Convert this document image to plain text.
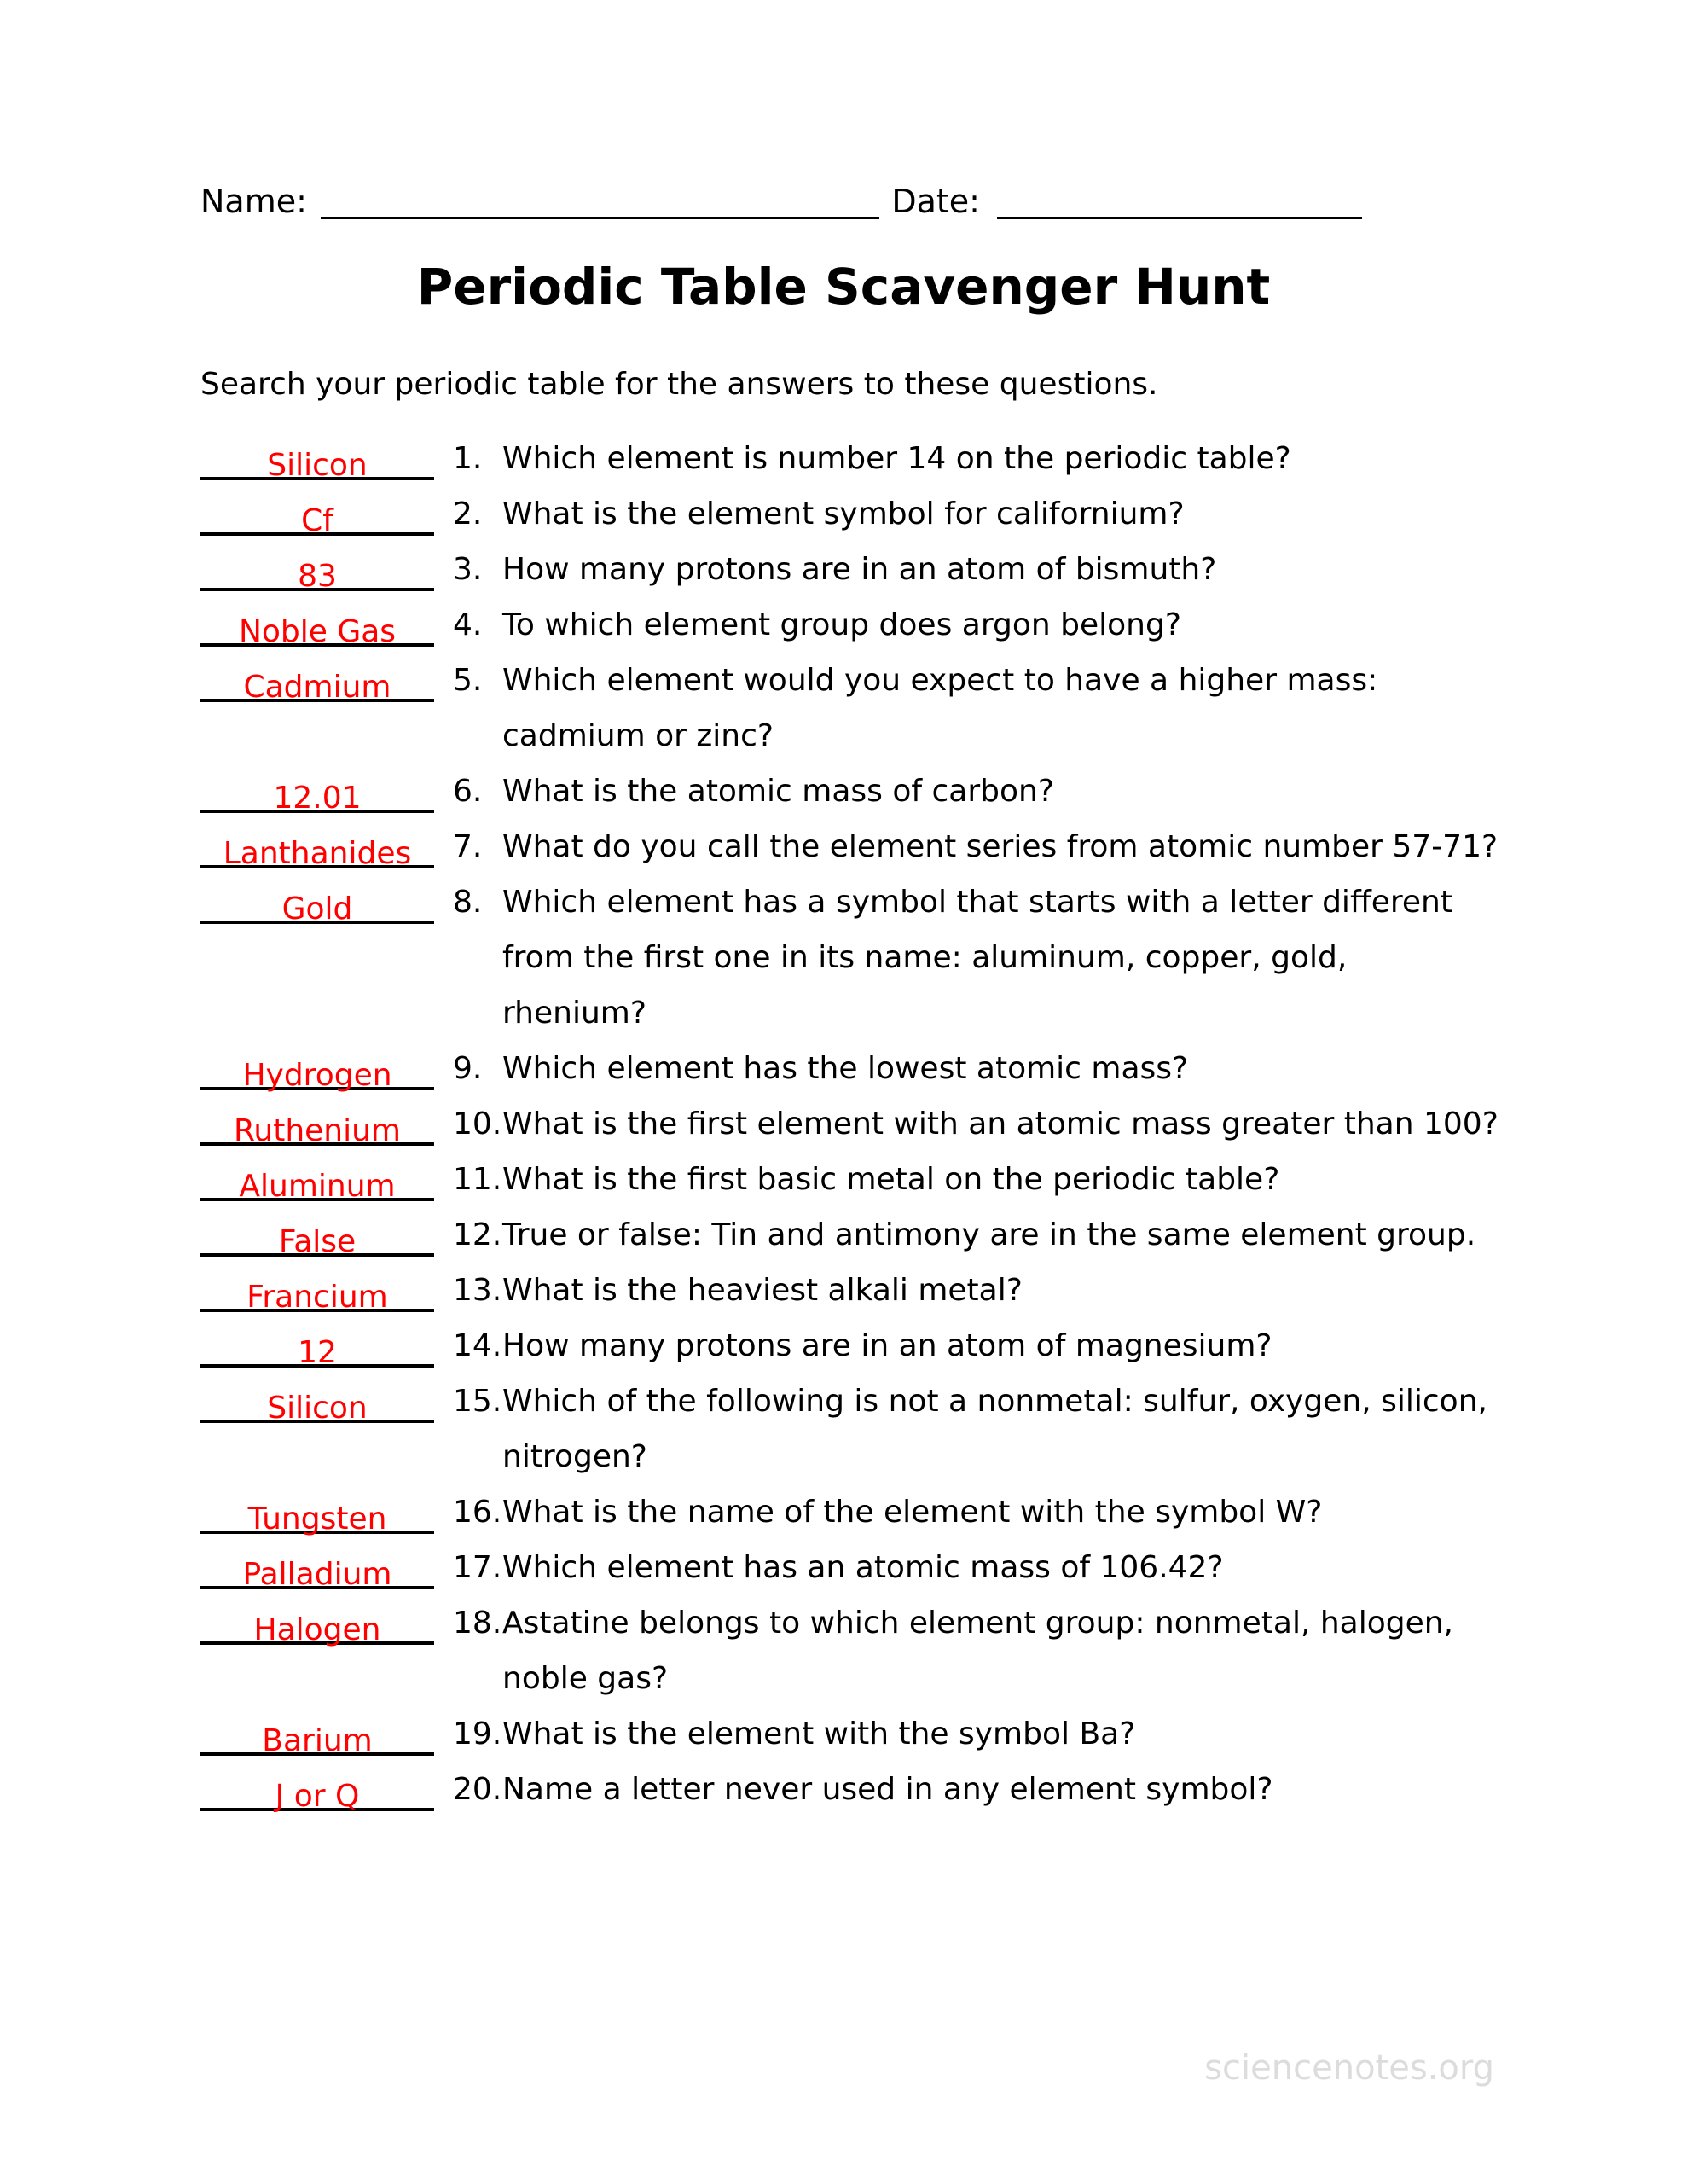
Name:	Date:
Periodic Table Scavenger Hunt

Search your periodic table for the answers to these questions.

Silicon	1. Which element is number 14 on the periodic table?
Cf	2. What is the element symbol for californium?
83	3. How many protons are in an atom of bismuth?
Noble Gas 4. To which element group does argon belong?
Cadmium 5. Which element would you expect to have a higher mass:
cadmium or zinc?
12.01	6. What is the atomic mass of carbon?
Lanthanides 7. What do you call the element series from atomic number 57-71?
Gold	8. Which element has a symbol that starts with a letter different
from the first one in its name: aluminum, copper, gold,
rhenium?
Hydrogen 9. Which element has the lowest atomic mass?
Ruthenium 10. What is the first element with an atomic mass greater than 100?
Aluminum 11. What is the first basic metal on the periodic table?
False	12. True or false: Tin and antimony are in the same element group.
Francium 13. What is the heaviest alkali metal?
12	14. How many protons are in an atom of magnesium?
Silicon	15. Which of the following is not a nonmetal: sulfur, oxygen, silicon,
nitrogen?
Tungsten 16. What is the name of the element with the symbol W?
Palladium 17. Which element has an atomic mass of 106.42?
Halogen 18. Astatine belongs to which element group: nonmetal, halogen,
noble gas?
Barium	19. What is the element with the symbol Ba?
J or Q	20. Name a letter never used in any element symbol?
sciencenotes.org
